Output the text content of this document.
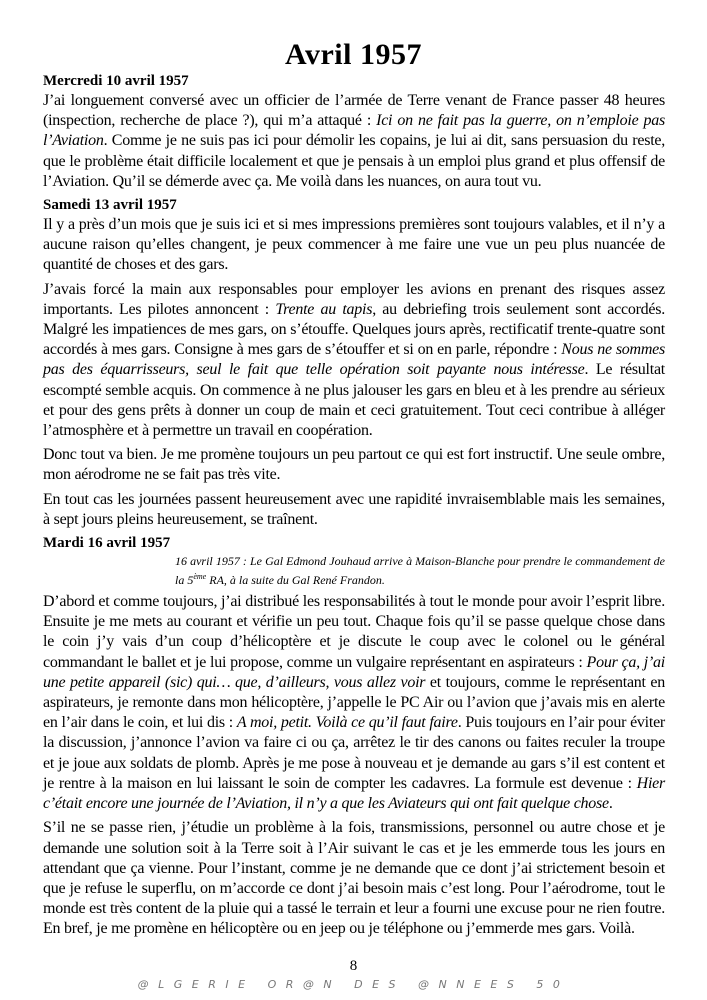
Avril 1957
Mercredi 10 avril 1957

J’ai longuement conversé avec un officier de l’armée de Terre venant de France passer 48 heures (inspection, recherche de place ?), qui m’a attaqué : Ici on ne fait pas la guerre, on n’emploie pas l’Aviation. Comme je ne suis pas ici pour démolir les copains, je lui ai dit, sans persuasion du reste, que le problème était difficile localement et que je pensais à un emploi plus grand et plus offensif de l’Aviation. Qu’il se démerde avec ça. Me voilà dans les nuances, on aura tout vu.

Samedi 13 avril 1957

Il y a près d’un mois que je suis ici et si mes impressions premières sont toujours valables, et il n’y a aucune raison qu’elles changent, je peux commencer à me faire une vue un peu plus nuancée de quantité de choses et des gars.

J’avais forcé la main aux responsables pour employer les avions en prenant des risques assez importants. Les pilotes annoncent : Trente au tapis, au debriefing trois seulement sont accordés. Malgré les impatiences de mes gars, on s’étouffe. Quelques jours après, rectificatif trente-quatre sont accordés à mes gars. Consigne à mes gars de s’étouffer et si on en parle, répondre : Nous ne sommes pas des équarrisseurs, seul le fait que telle opération soit payante nous intéresse. Le résultat escompté semble acquis. On commence à ne plus jalouser les gars en bleu et à les prendre au sérieux et pour des gens prêts à donner un coup de main et ceci gratuitement. Tout ceci contribue à alléger l’atmosphère et à permettre un travail en coopération.

Donc tout va bien. Je me promène toujours un peu partout ce qui est fort instructif. Une seule ombre, mon aérodrome ne se fait pas très vite.

En tout cas les journées passent heureusement avec une rapidité invraisemblable mais les semaines, à sept jours pleins heureusement, se traînent.

Mardi 16 avril 1957
16 avril 1957 : Le Gal Edmond Jouhaud arrive à Maison-Blanche pour prendre le commandement de la 5ème RA, à la suite du Gal René Frandon.

D’abord et comme toujours, j’ai distribué les responsabilités à tout le monde pour avoir l’esprit libre. Ensuite je me mets au courant et vérifie un peu tout. Chaque fois qu’il se passe quelque chose dans le coin j’y vais d’un coup d’hélicoptère et je discute le coup avec le colonel ou le général commandant le ballet et je lui propose, comme un vulgaire représentant en aspirateurs : Pour ça, j’ai une petite appareil (sic) qui… que, d’ailleurs, vous allez voir et toujours, comme le représentant en aspirateurs, je remonte dans mon hélicoptère, j’appelle le PC Air ou l’avion que j’avais mis en alerte en l’air dans le coin, et lui dis : A moi, petit. Voilà ce qu’il faut faire. Puis toujours en l’air pour éviter la discussion, j’annonce l’avion va faire ci ou ça, arrêtez le tir des canons ou faites reculer la troupe et je joue aux soldats de plomb. Après je me pose à nouveau et je demande au gars s’il est content et je rentre à la maison en lui laissant le soin de compter les cadavres. La formule est devenue : Hier c’était encore une journée de l’Aviation, il n’y a que les Aviateurs qui ont fait quelque chose.

S’il ne se passe rien, j’étudie un problème à la fois, transmissions, personnel ou autre chose et je demande une solution soit à la Terre soit à l’Air suivant le cas et je les emmerde tous les jours en attendant que ça vienne. Pour l’instant, comme je ne demande que ce dont j’ai strictement besoin et que je refuse le superflu, on m’accorde ce dont j’ai besoin mais c’est long. Pour l’aérodrome, tout le monde est très content de la pluie qui a tassé le terrain et leur a fourni une excuse pour ne rien foutre. En bref, je me promène en hélicoptère ou en jeep ou je téléphone ou j’emmerde mes gars. Voilà.

8
@LGERIE OR@N DES @NNEES 50
